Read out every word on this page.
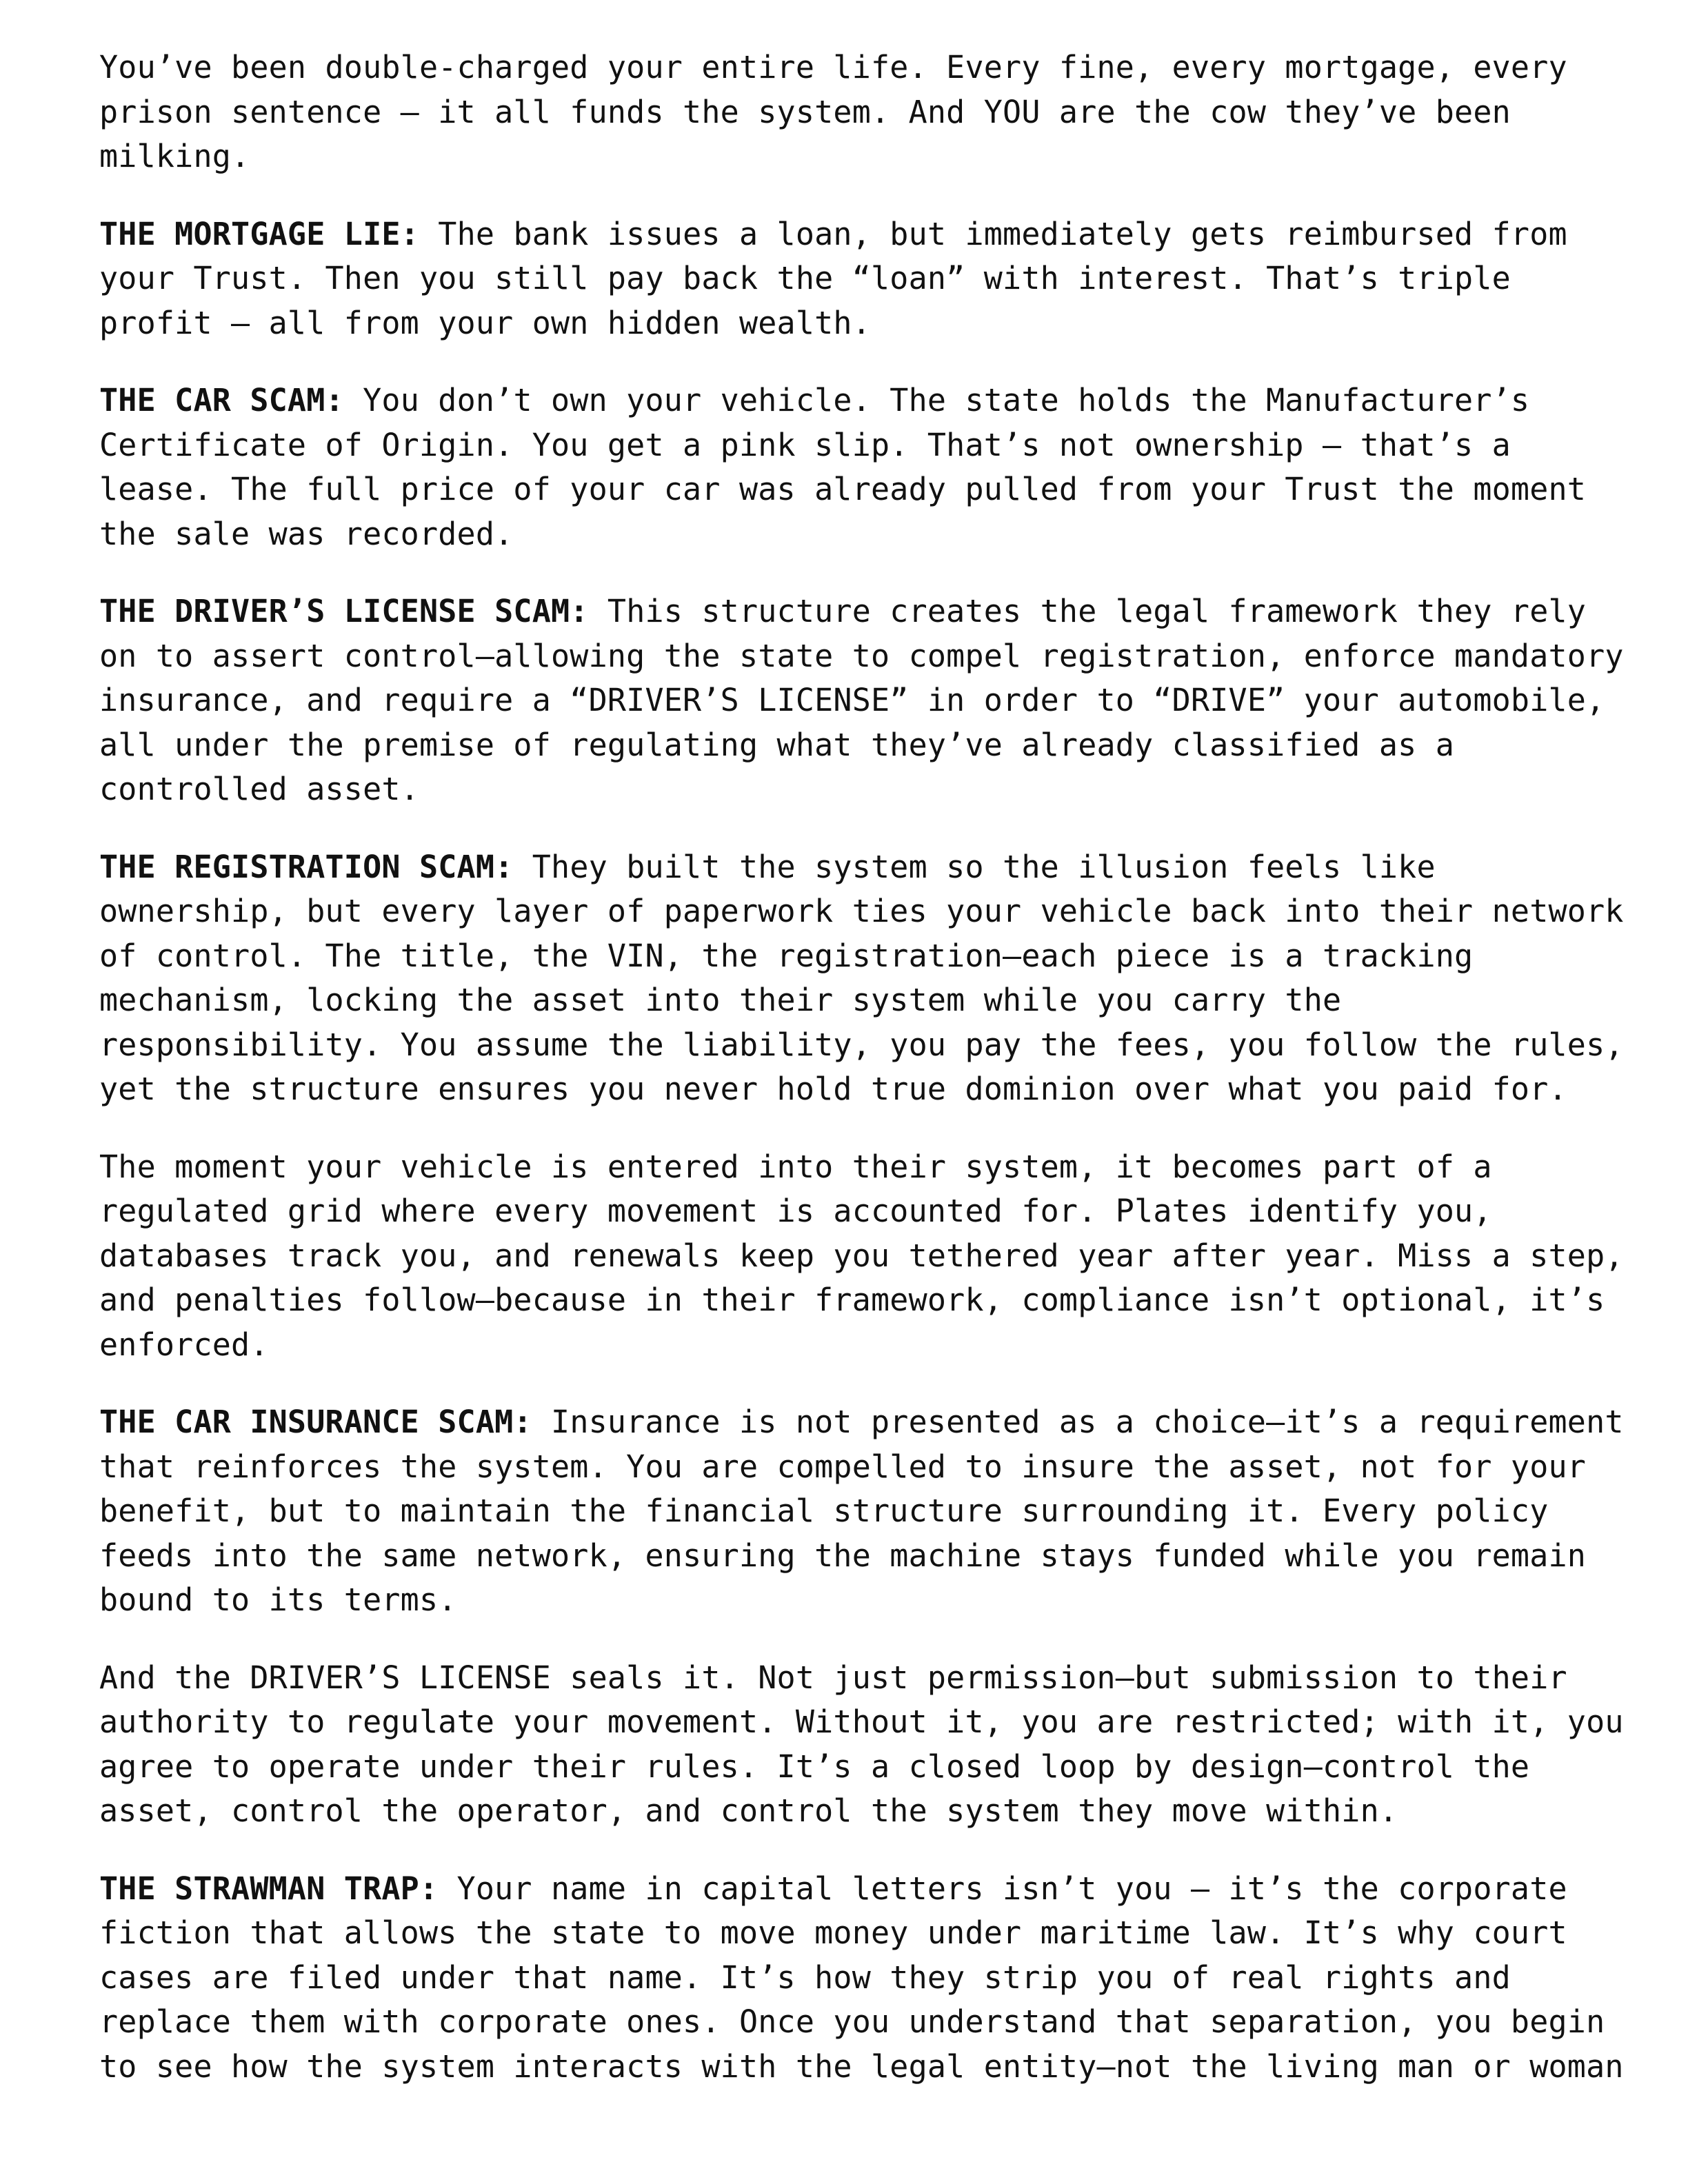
You’ve been double-charged your entire life. Every fine, every mortgage, every
prison sentence – it all funds the system. And YOU are the cow they’ve been
milking.

THE MORTGAGE LIE: The bank issues a loan, but immediately gets reimbursed from
your Trust. Then you still pay back the “loan” with interest. That’s triple
profit – all from your own hidden wealth.

THE CAR SCAM: You don’t own your vehicle. The state holds the Manufacturer’s
Certificate of Origin. You get a pink slip. That’s not ownership – that’s a
lease. The full price of your car was already pulled from your Trust the moment
the sale was recorded.

THE DRIVER’S LICENSE SCAM: This structure creates the legal framework they rely
on to assert control—allowing the state to compel registration, enforce mandatory
insurance, and require a “DRIVER’S LICENSE” in order to “DRIVE” your automobile,
all under the premise of regulating what they’ve already classified as a
controlled asset.

THE REGISTRATION SCAM: They built the system so the illusion feels like
ownership, but every layer of paperwork ties your vehicle back into their network
of control. The title, the VIN, the registration—each piece is a tracking
mechanism, locking the asset into their system while you carry the
responsibility. You assume the liability, you pay the fees, you follow the rules,
yet the structure ensures you never hold true dominion over what you paid for.

The moment your vehicle is entered into their system, it becomes part of a
regulated grid where every movement is accounted for. Plates identify you,
databases track you, and renewals keep you tethered year after year. Miss a step,
and penalties follow—because in their framework, compliance isn’t optional, it’s
enforced.

THE CAR INSURANCE SCAM: Insurance is not presented as a choice—it’s a requirement
that reinforces the system. You are compelled to insure the asset, not for your
benefit, but to maintain the financial structure surrounding it. Every policy
feeds into the same network, ensuring the machine stays funded while you remain
bound to its terms.

And the DRIVER’S LICENSE seals it. Not just permission—but submission to their
authority to regulate your movement. Without it, you are restricted; with it, you
agree to operate under their rules. It’s a closed loop by design—control the
asset, control the operator, and control the system they move within.

THE STRAWMAN TRAP: Your name in capital letters isn’t you – it’s the corporate
fiction that allows the state to move money under maritime law. It’s why court
cases are filed under that name. It’s how they strip you of real rights and
replace them with corporate ones. Once you understand that separation, you begin
to see how the system interacts with the legal entity—not the living man or woman
